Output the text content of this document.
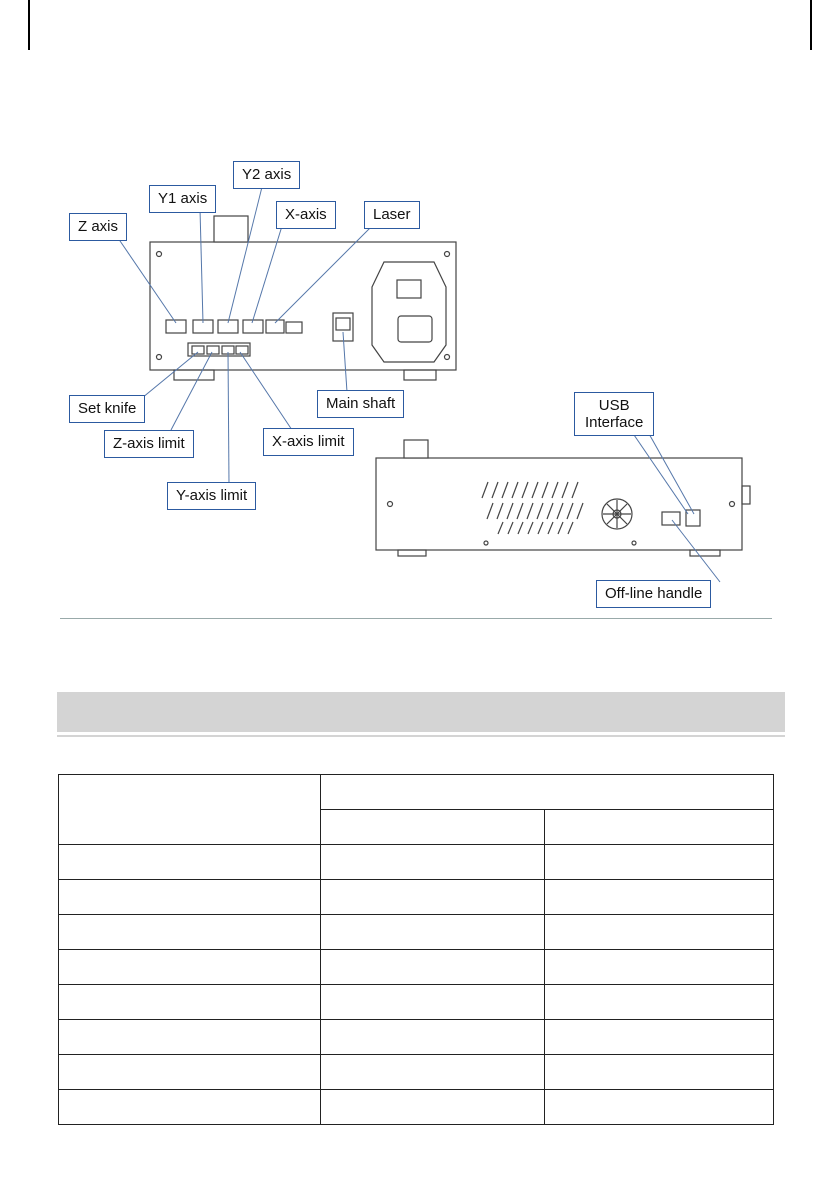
Z axis
Y1 axis
Y2 axis
X-axis	Laser
Set knife	Main shaft
Z-axis limit	X-axis limit
Y-axis limit
USB
Interface
Off-line handle
